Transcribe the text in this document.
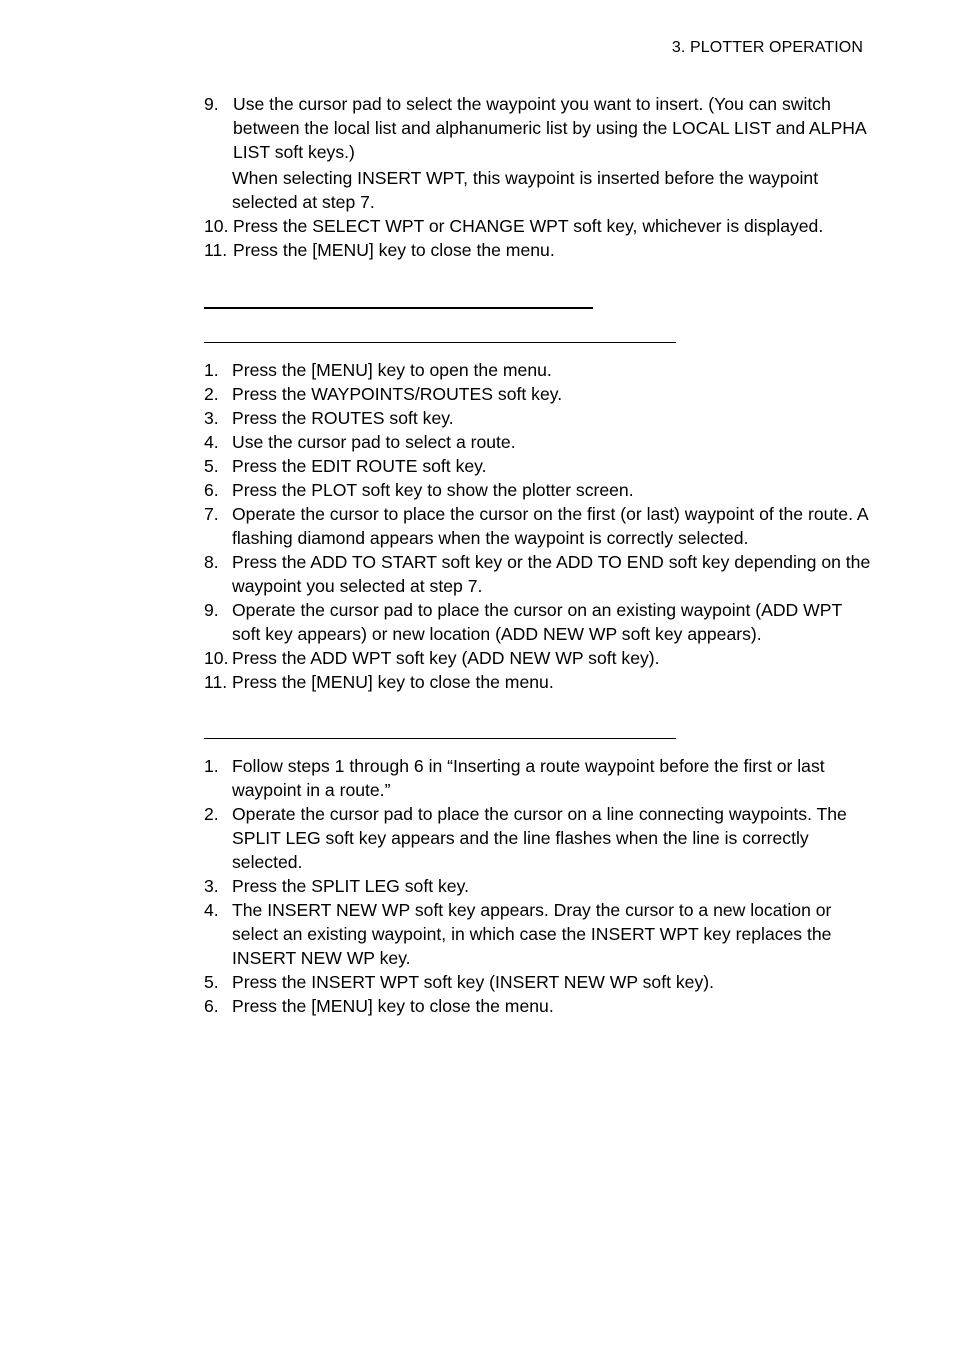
3. PLOTTER OPERATION
9. Use the cursor pad to select the waypoint you want to insert. (You can switch between the local list and alphanumeric list by using the LOCAL LIST and ALPHA LIST soft keys.)
When selecting INSERT WPT, this waypoint is inserted before the waypoint selected at step 7.
10. Press the SELECT WPT or CHANGE WPT soft key, whichever is displayed.
11. Press the [MENU] key to close the menu.
1. Press the [MENU] key to open the menu.
2. Press the WAYPOINTS/ROUTES soft key.
3. Press the ROUTES soft key.
4. Use the cursor pad to select a route.
5. Press the EDIT ROUTE soft key.
6. Press the PLOT soft key to show the plotter screen.
7. Operate the cursor to place the cursor on the first (or last) waypoint of the route. A flashing diamond appears when the waypoint is correctly selected.
8. Press the ADD TO START soft key or the ADD TO END soft key depending on the waypoint you selected at step 7.
9. Operate the cursor pad to place the cursor on an existing waypoint (ADD WPT soft key appears) or new location (ADD NEW WP soft key appears).
10. Press the ADD WPT soft key (ADD NEW WP soft key).
11. Press the [MENU] key to close the menu.
1. Follow steps 1 through 6 in “Inserting a route waypoint before the first or last waypoint in a route.”
2. Operate the cursor pad to place the cursor on a line connecting waypoints. The SPLIT LEG soft key appears and the line flashes when the line is correctly selected.
3. Press the SPLIT LEG soft key.
4. The INSERT NEW WP soft key appears. Dray the cursor to a new location or select an existing waypoint, in which case the INSERT WPT key replaces the INSERT NEW WP key.
5. Press the INSERT WPT soft key (INSERT NEW WP soft key).
6. Press the [MENU] key to close the menu.
